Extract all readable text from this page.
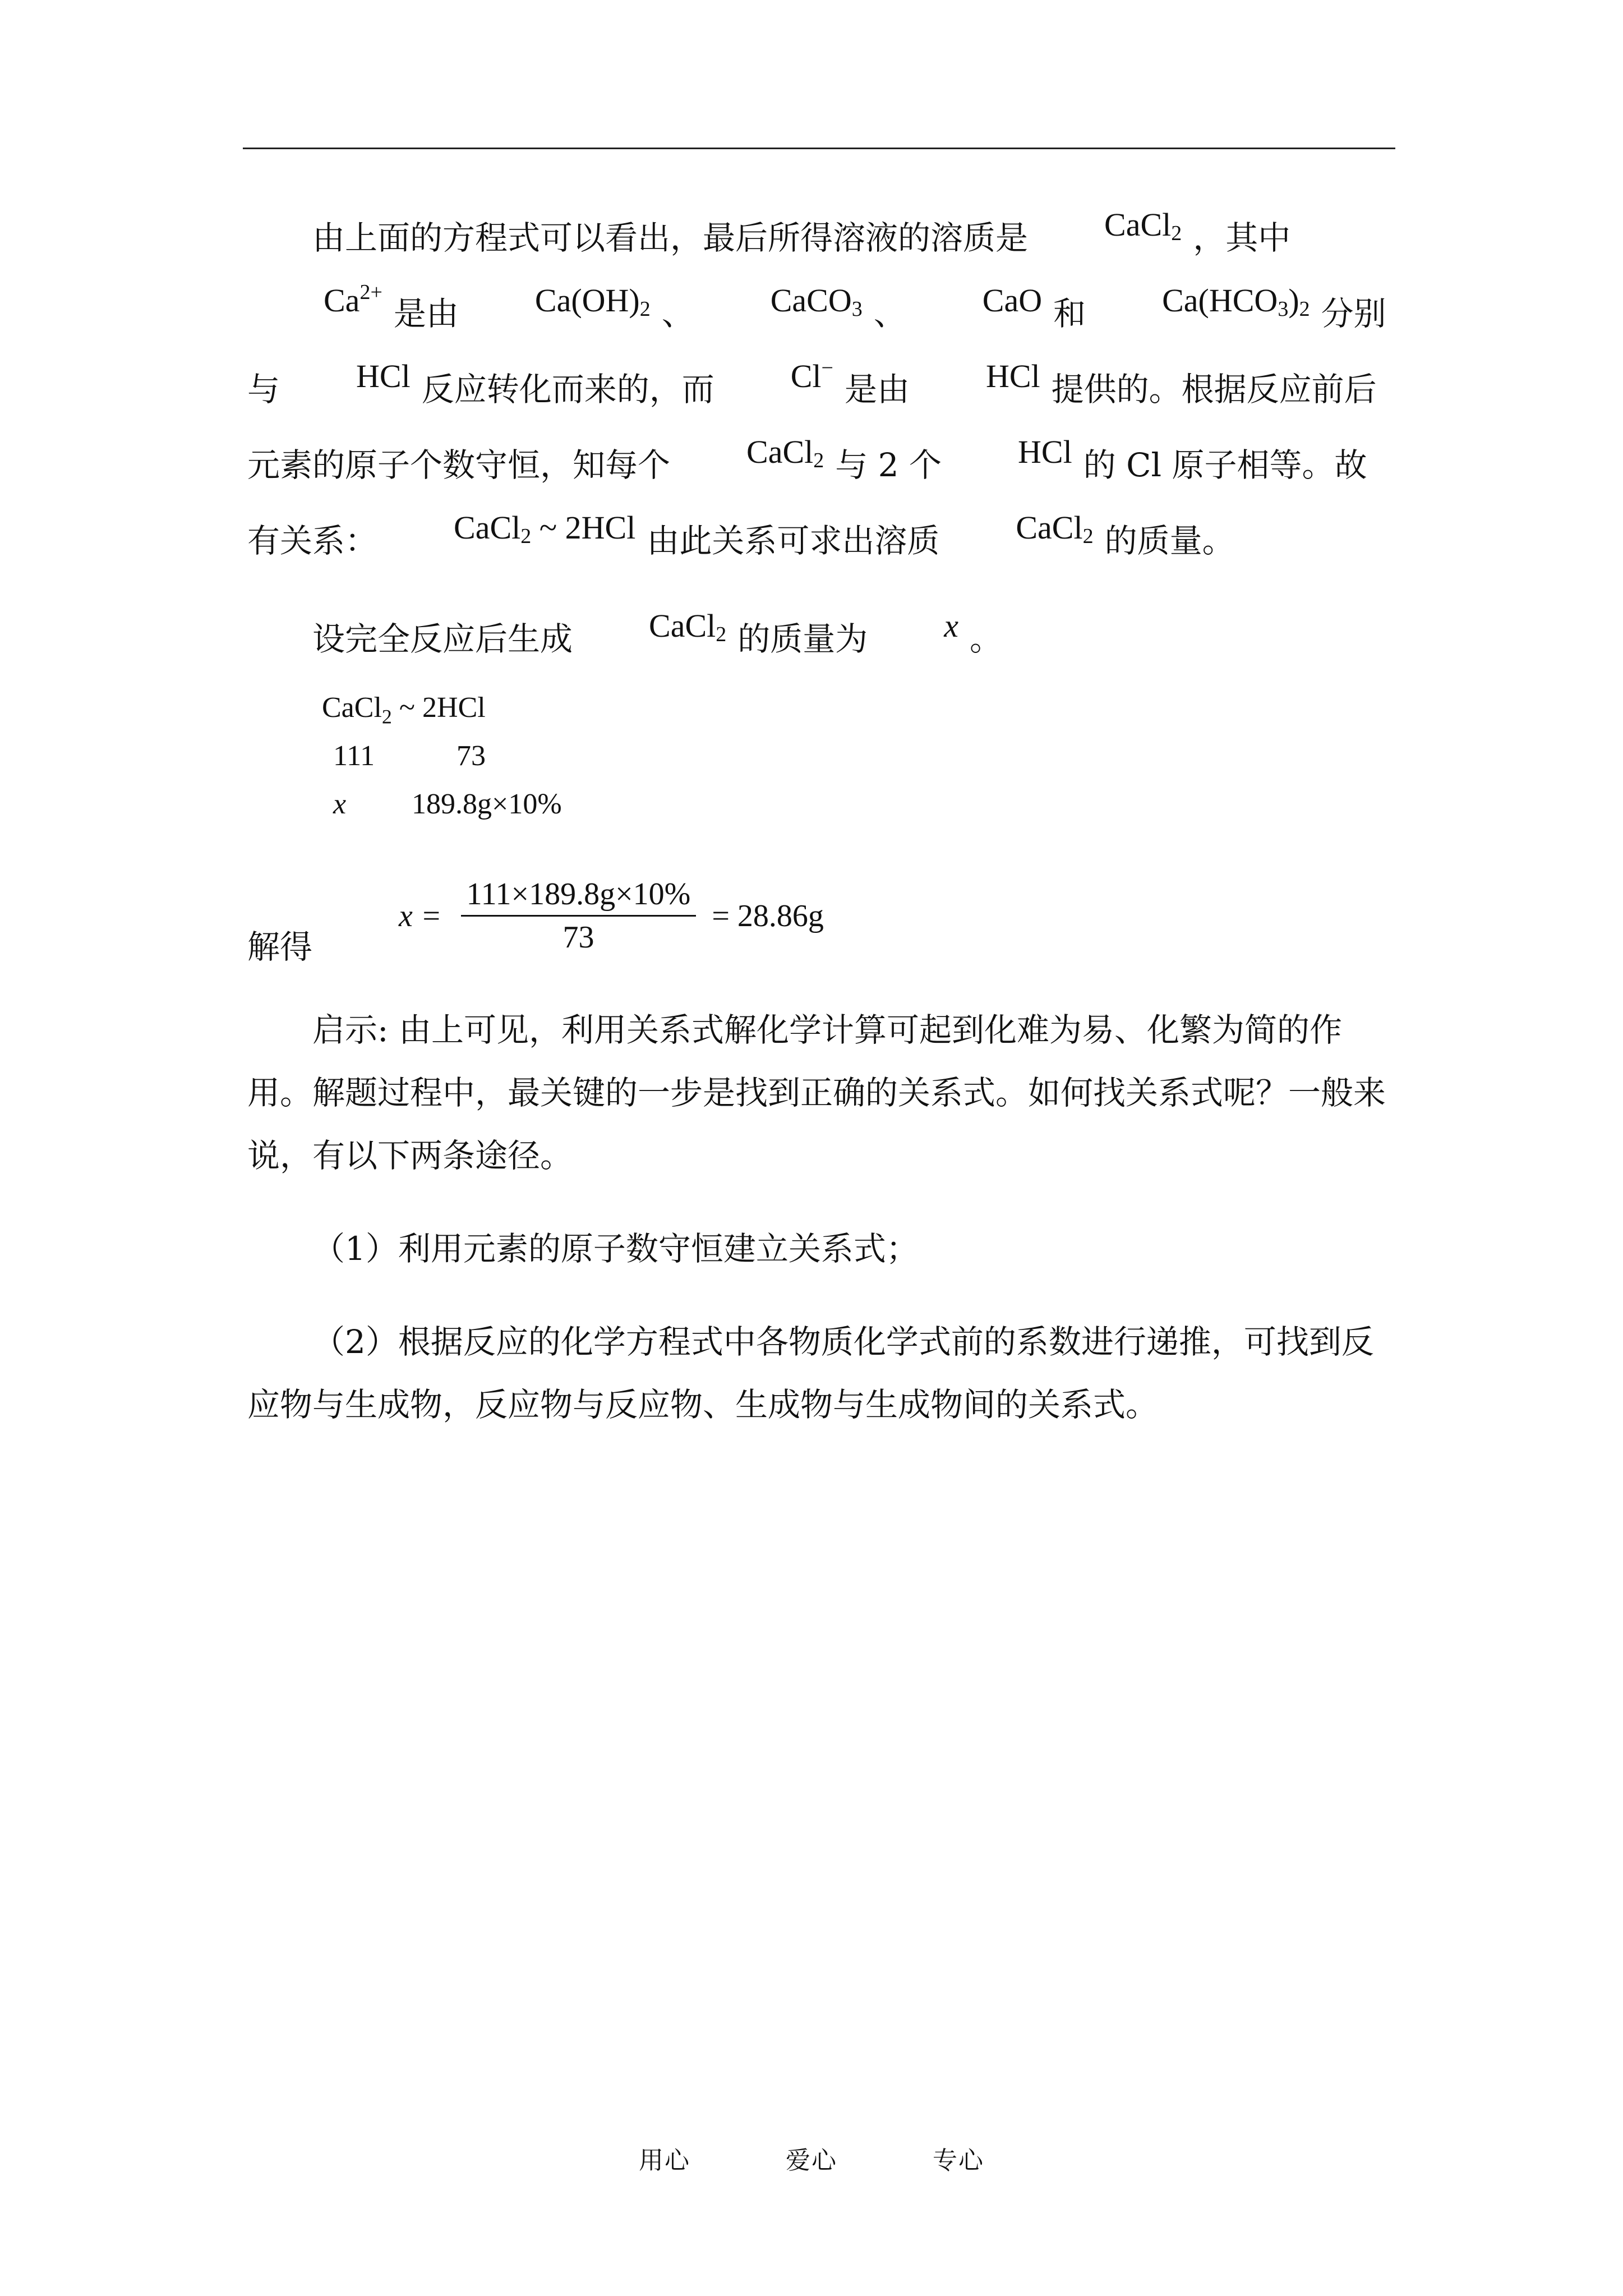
由上面的方程式可以看出，最后所得溶液的溶质是 CaCl$_2$ ，其中$Ca^{2+}$是由 $Ca(OH)_2$ 、 CaCO$_3$ 、 CaO 和 $Ca(HCO_3)_2$ 分别与 HCl 反应转化而来的，而 Cl−是由 HCl 提供的。根据反应前后元素的原子个数守恒，知每个 CaCl$_2$ 与 2 个 HCl 的 Cl 原子相等。故有关系： CaCl$_2$ ~ 2HCl 由此关系可求出溶质 CaCl$_2$ 的质量。

设完全反应后生成 CaCl$_2$ 的质量为 x 。

CaCl$_2$ ~ 2HCl
111	73
x 189.8g×10%
解得
$x = \frac{111\times 189.8g\times 10\%}{73} = 28.86g$

启示: 由上可见，利用关系式解化学计算可起到化难为易、化繁为简的作用。解题过程中，最关键的一步是找到正确的关系式。如何找关系式呢？一般来说，有以下两条途径。

（1）利用元素的原子数守恒建立关系式；

（2）根据反应的化学方程式中各物质化学式前的系数进行递推，可找到反应物与生成物，反应物与反应物、生成物与生成物间的关系式。

用心	爱心	专心
